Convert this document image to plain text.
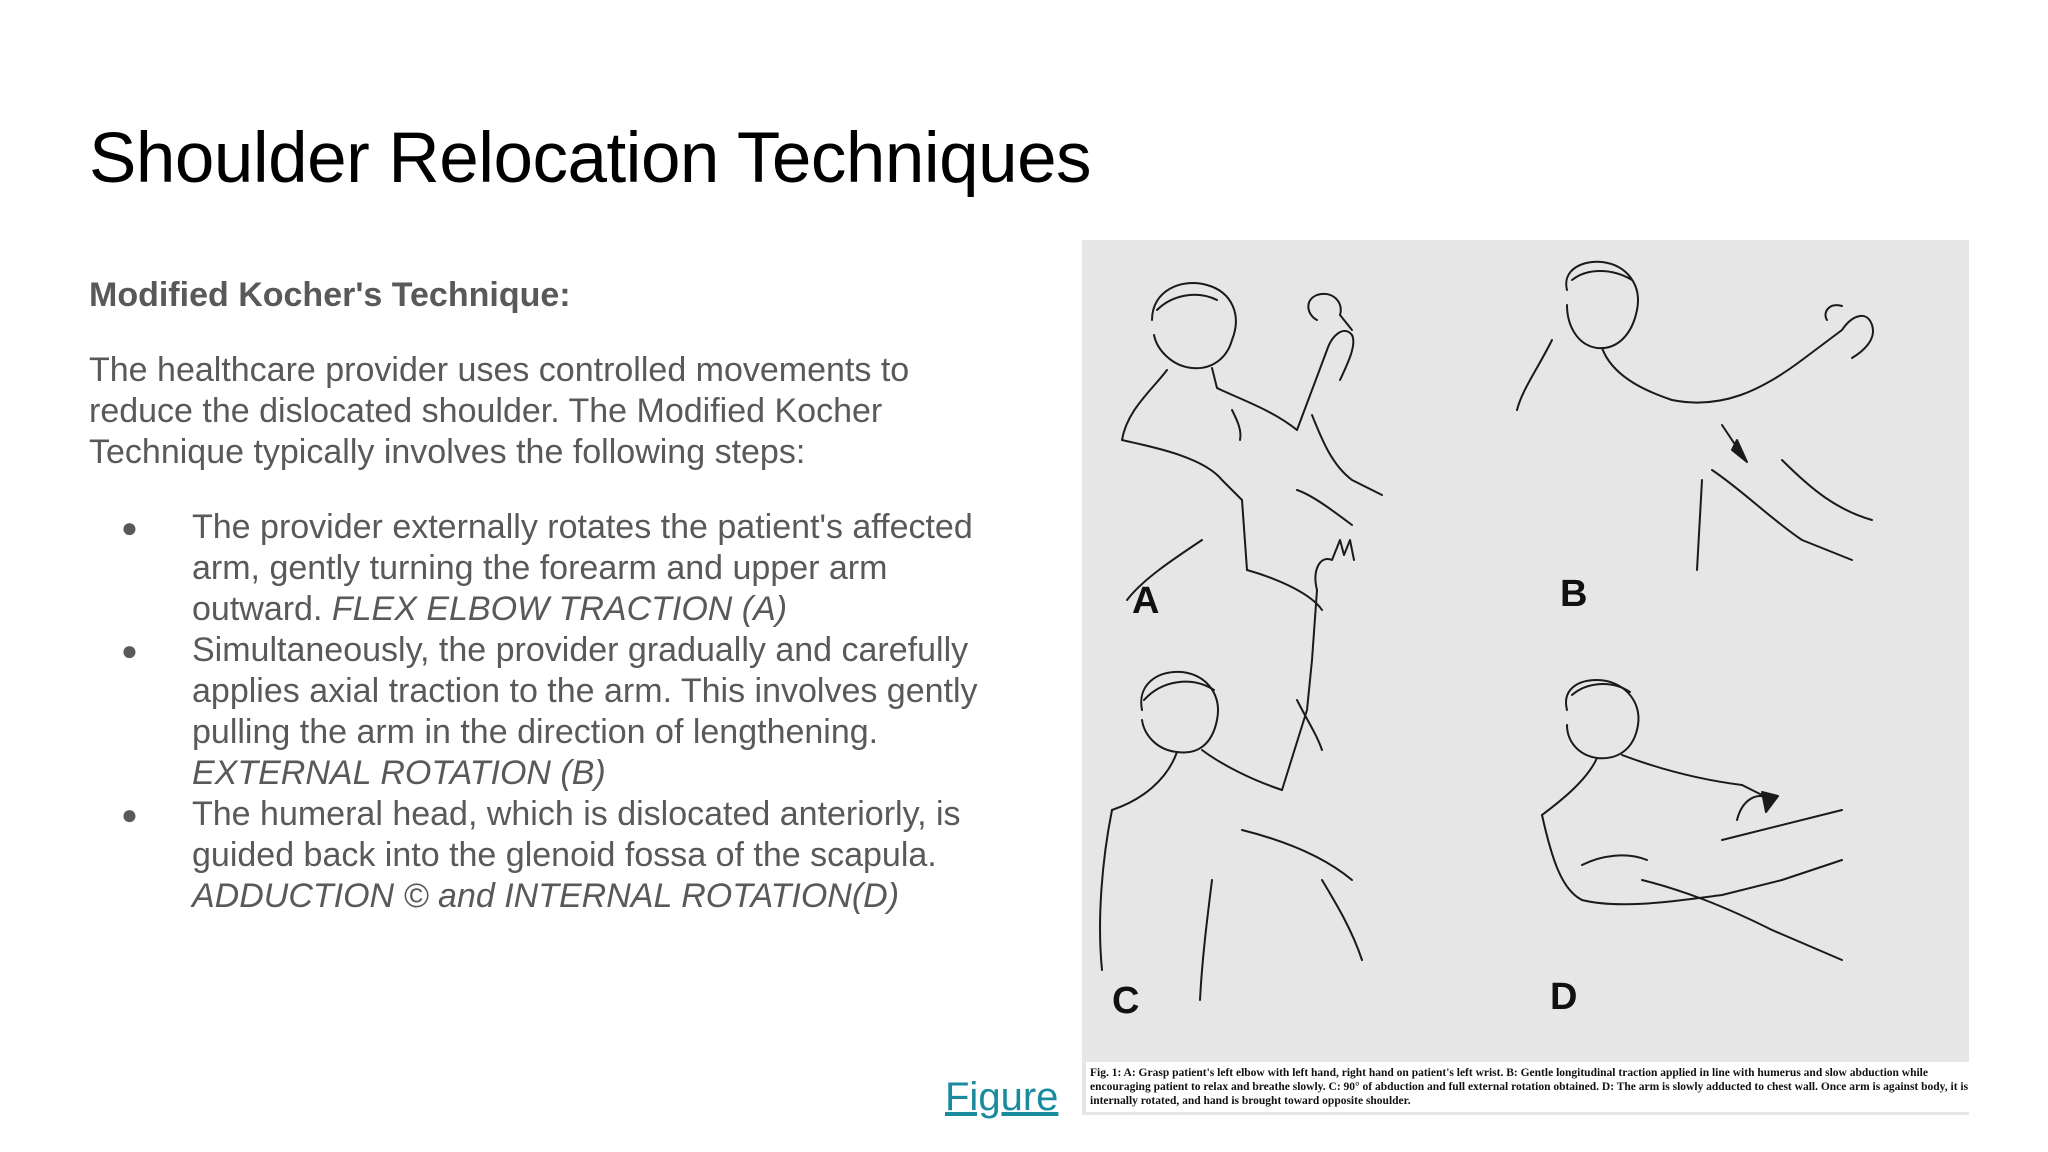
Shoulder Relocation Techniques

Modified Kocher's Technique:

The healthcare provider uses controlled movements to reduce the dislocated shoulder. The Modified Kocher Technique typically involves the following steps:

● The provider externally rotates the patient's affected arm, gently turning the forearm and upper arm outward. FLEX ELBOW TRACTION (A)
● Simultaneously, the provider gradually and carefully applies axial traction to the arm. This involves gently pulling the arm in the direction of lengthening. EXTERNAL ROTATION (B)
● The humeral head, which is dislocated anteriorly, is guided back into the glenoid fossa of the scapula. ADDUCTION © and INTERNAL ROTATION(D)
Figure
A	B
C	D
Fig. 1: A: Grasp patient's left elbow with left hand, right hand on patient's left wrist. B: Gentle longitudinal traction applied in line with humerus and slow abduction while encouraging patient to relax and breathe slowly. C: 90° of abduction and full external rotation obtained. D: The arm is slowly adducted to chest wall. Once arm is against body, it is internally rotated, and hand is brought toward opposite shoulder.
